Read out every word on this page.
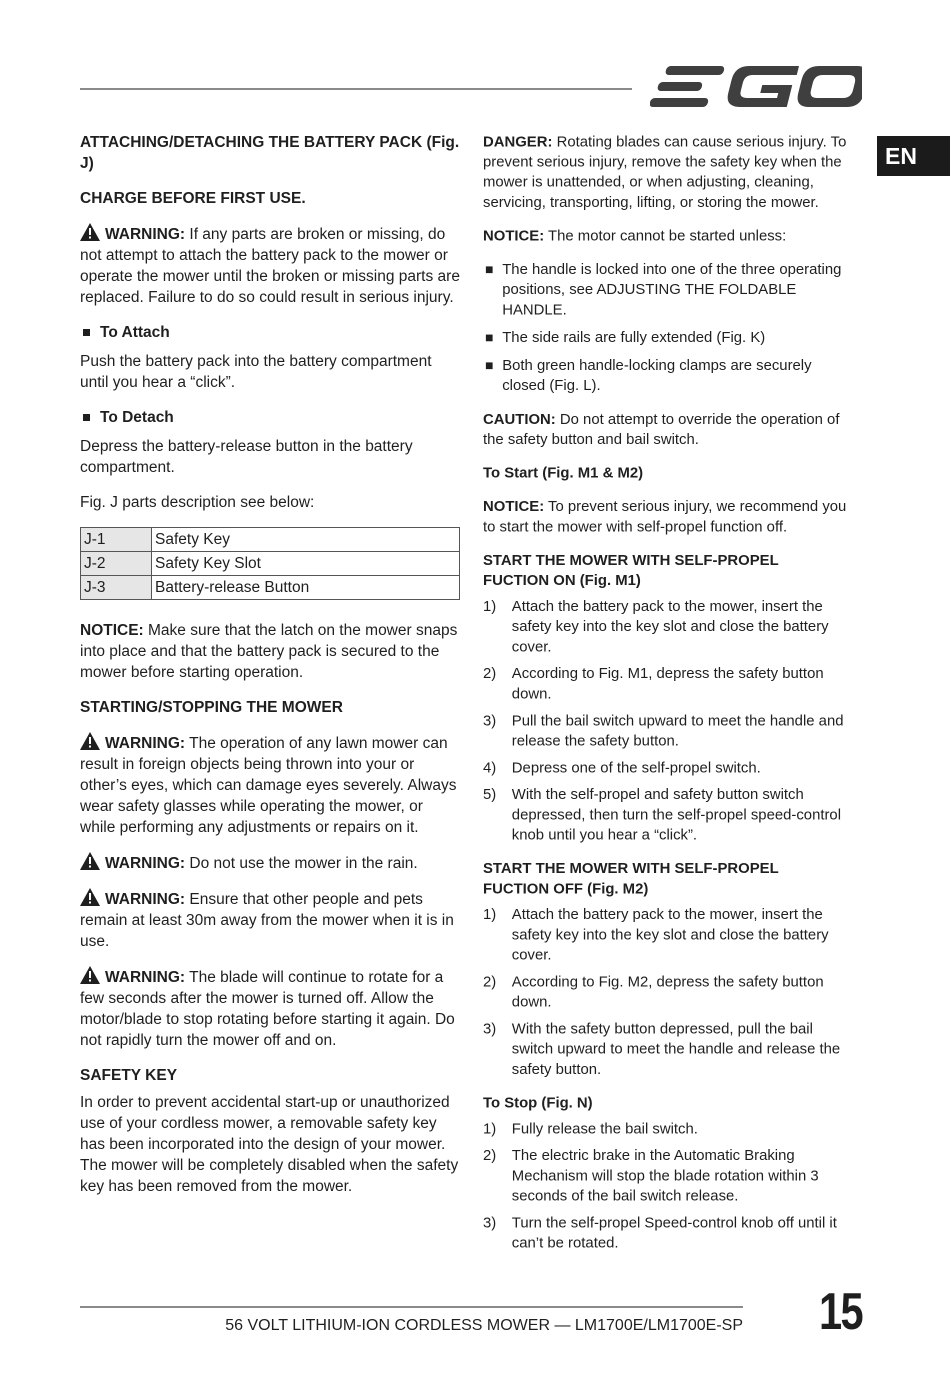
EN
ATTACHING/DETACHING THE BATTERY PACK (Fig. J)
CHARGE BEFORE FIRST USE.

WARNING: If any parts are broken or missing, do not attempt to attach the battery pack to the mower or operate the mower until the broken or missing parts are replaced. Failure to do so could result in serious injury.

To Attach

Push the battery pack into the battery compartment until you hear a “click”.

To Detach

Depress the battery-release button in the battery compartment.

Fig. J parts description see below:

J-1	Safety Key
J-2	Safety Key Slot
J-3	Battery-release Button

NOTICE: Make sure that the latch on the mower snaps into place and that the battery pack is secured to the mower before starting operation.

STARTING/STOPPING THE MOWER

WARNING: The operation of any lawn mower can result in foreign objects being thrown into your or other’s eyes, which can damage eyes severely. Always wear safety glasses while operating the mower, or while performing any adjustments or repairs on it.

WARNING: Do not use the mower in the rain.

WARNING: Ensure that other people and pets remain at least 30m away from the mower when it is in use.

WARNING: The blade will continue to rotate for a few seconds after the mower is turned off. Allow the motor/blade to stop rotating before starting it again. Do not rapidly turn the mower off and on.

SAFETY KEY

In order to prevent accidental start-up or unauthorized use of your cordless mower, a removable safety key has been incorporated into the design of your mower. The mower will be completely disabled when the safety key has been removed from the mower.

DANGER: Rotating blades can cause serious injury. To prevent serious injury, remove the safety key when the mower is unattended, or when adjusting, cleaning, servicing, transporting, lifting, or storing the mower.

NOTICE: The motor cannot be started unless:

The handle is locked into one of the three operating positions, see ADJUSTING THE FOLDABLE HANDLE.
The side rails are fully extended (Fig. K)
Both green handle-locking clamps are securely closed (Fig. L).

CAUTION: Do not attempt to override the operation of the safety button and bail switch.

To Start (Fig. M1 & M2)

NOTICE: To prevent serious injury, we recommend you to start the mower with self-propel function off.

START THE MOWER WITH SELF-PROPEL FUCTION ON (Fig. M1)
1) Attach the battery pack to the mower, insert the safety key into the key slot and close the battery cover.
2) According to Fig. M1, depress the safety button down.
3) Pull the bail switch upward to meet the handle and release the safety button.
4) Depress one of the self-propel switch.
5) With the self-propel and safety button switch depressed, then turn the self-propel speed-control knob until you hear a “click”.
START THE MOWER WITH SELF-PROPEL FUCTION OFF (Fig. M2)
1) Attach the battery pack to the mower, insert the safety key into the key slot and close the battery cover.
2) According to Fig. M2, depress the safety button down.
3) With the safety button depressed, pull the bail switch upward to meet the handle and release the safety button.
To Stop (Fig. N)
1) Fully release the bail switch.
2) The electric brake in the Automatic Braking Mechanism will stop the blade rotation within 3 seconds of the bail switch release.
3) Turn the self-propel Speed-control knob off until it can’t be rotated.
56 VOLT LITHIUM-ION CORDLESS MOWER — LM1700E/LM1700E-SP 15
